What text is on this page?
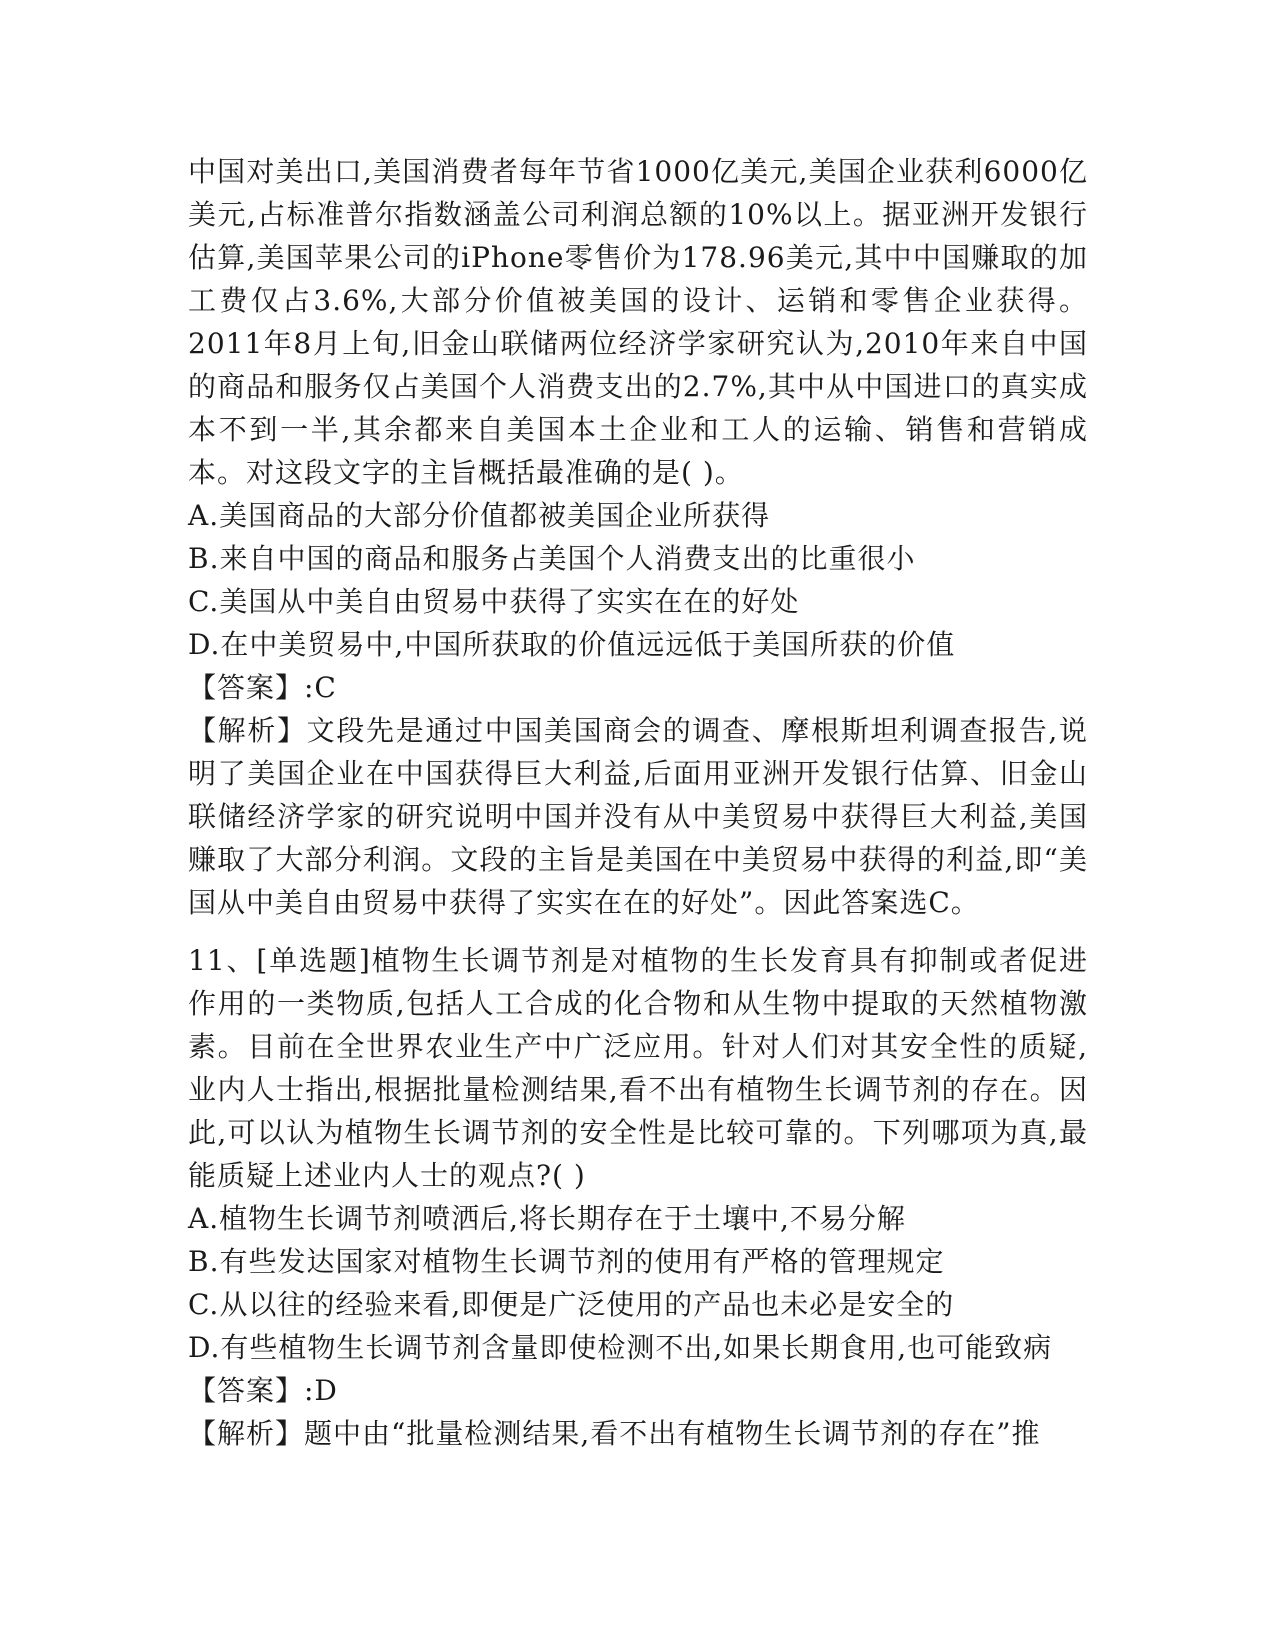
中国对美出口,美国消费者每年节省1000亿美元,美国企业获利6000亿美元,占标准普尔指数涵盖公司利润总额的10%以上。据亚洲开发银行估算,美国苹果公司的iPhone零售价为178.96美元,其中中国赚取的加工费仅占3.6%,大部分价值被美国的设计、运销和零售企业获得。2011年8月上旬,旧金山联储两位经济学家研究认为,2010年来自中国的商品和服务仅占美国个人消费支出的2.7%,其中从中国进口的真实成本不到一半,其余都来自美国本土企业和工人的运输、销售和营销成本。对这段文字的主旨概括最准确的是( )。

A.美国商品的大部分价值都被美国企业所获得

B.来自中国的商品和服务占美国个人消费支出的比重很小

C.美国从中美自由贸易中获得了实实在在的好处

D.在中美贸易中,中国所获取的价值远远低于美国所获的价值

【答案】:C

【解析】文段先是通过中国美国商会的调查、摩根斯坦利调查报告,说明了美国企业在中国获得巨大利益,后面用亚洲开发银行估算、旧金山联储经济学家的研究说明中国并没有从中美贸易中获得巨大利益,美国赚取了大部分利润。文段的主旨是美国在中美贸易中获得的利益,即“美国从中美自由贸易中获得了实实在在的好处”。因此答案选C。

11、[单选题]植物生长调节剂是对植物的生长发育具有抑制或者促进作用的一类物质,包括人工合成的化合物和从生物中提取的天然植物激素。目前在全世界农业生产中广泛应用。针对人们对其安全性的质疑,业内人士指出,根据批量检测结果,看不出有植物生长调节剂的存在。因此,可以认为植物生长调节剂的安全性是比较可靠的。下列哪项为真,最能质疑上述业内人士的观点?( )

A.植物生长调节剂喷洒后,将长期存在于土壤中,不易分解

B.有些发达国家对植物生长调节剂的使用有严格的管理规定

C.从以往的经验来看,即便是广泛使用的产品也未必是安全的

D.有些植物生长调节剂含量即使检测不出,如果长期食用,也可能致病

【答案】:D

【解析】题中由“批量检测结果,看不出有植物生长调节剂的存在”推
